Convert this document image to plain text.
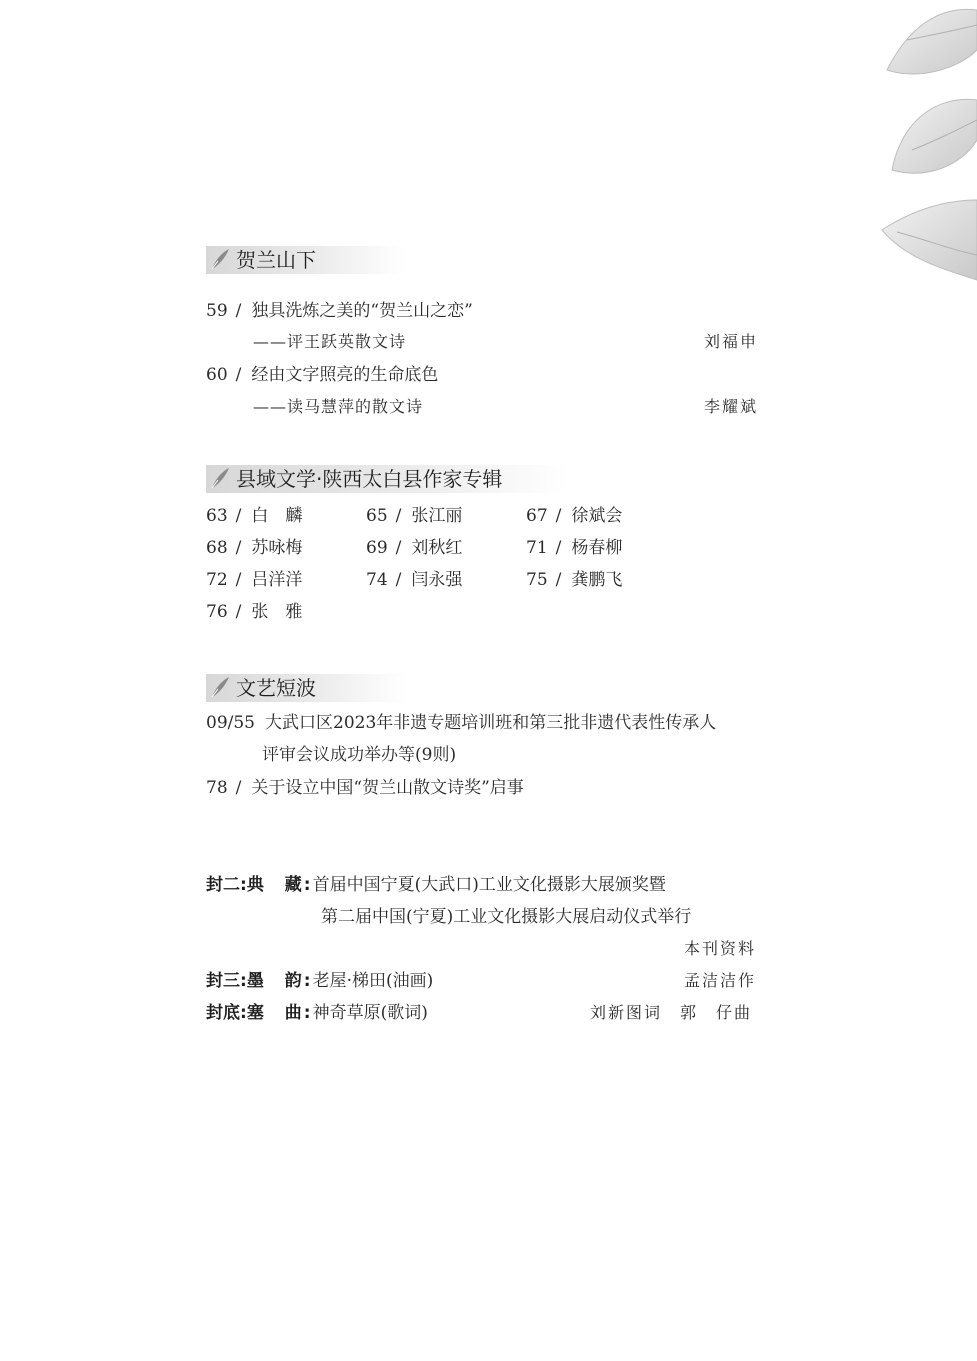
贺兰山下
59 / 独具洗炼之美的“贺兰山之恋”
——评王跃英散文诗	刘福申
60 / 经由文字照亮的生命底色
——读马慧萍的散文诗	李耀斌
县域文学·陕西太白县作家专辑
63 / 白　麟	65 / 张江丽	67 / 徐斌会
68 / 苏咏梅	69 / 刘秋红	71 / 杨春柳
72 / 吕洋洋	74 / 闫永强	75 / 龚鹏飞
76 / 张　雅
文艺短波
09/55 大武口区2023年非遗专题培训班和第三批非遗代表性传承人
评审会议成功举办等(9则)
78 / 关于设立中国“贺兰山散文诗奖”启事
封二:典　藏:首届中国宁夏(大武口)工业文化摄影大展颁奖暨
第二届中国(宁夏)工业文化摄影大展启动仪式举行
本刊资料
封三:墨　韵:老屋·梯田(油画)	孟洁洁作
封底:塞　曲:神奇草原(歌词)	刘新图词　郭　仔曲
